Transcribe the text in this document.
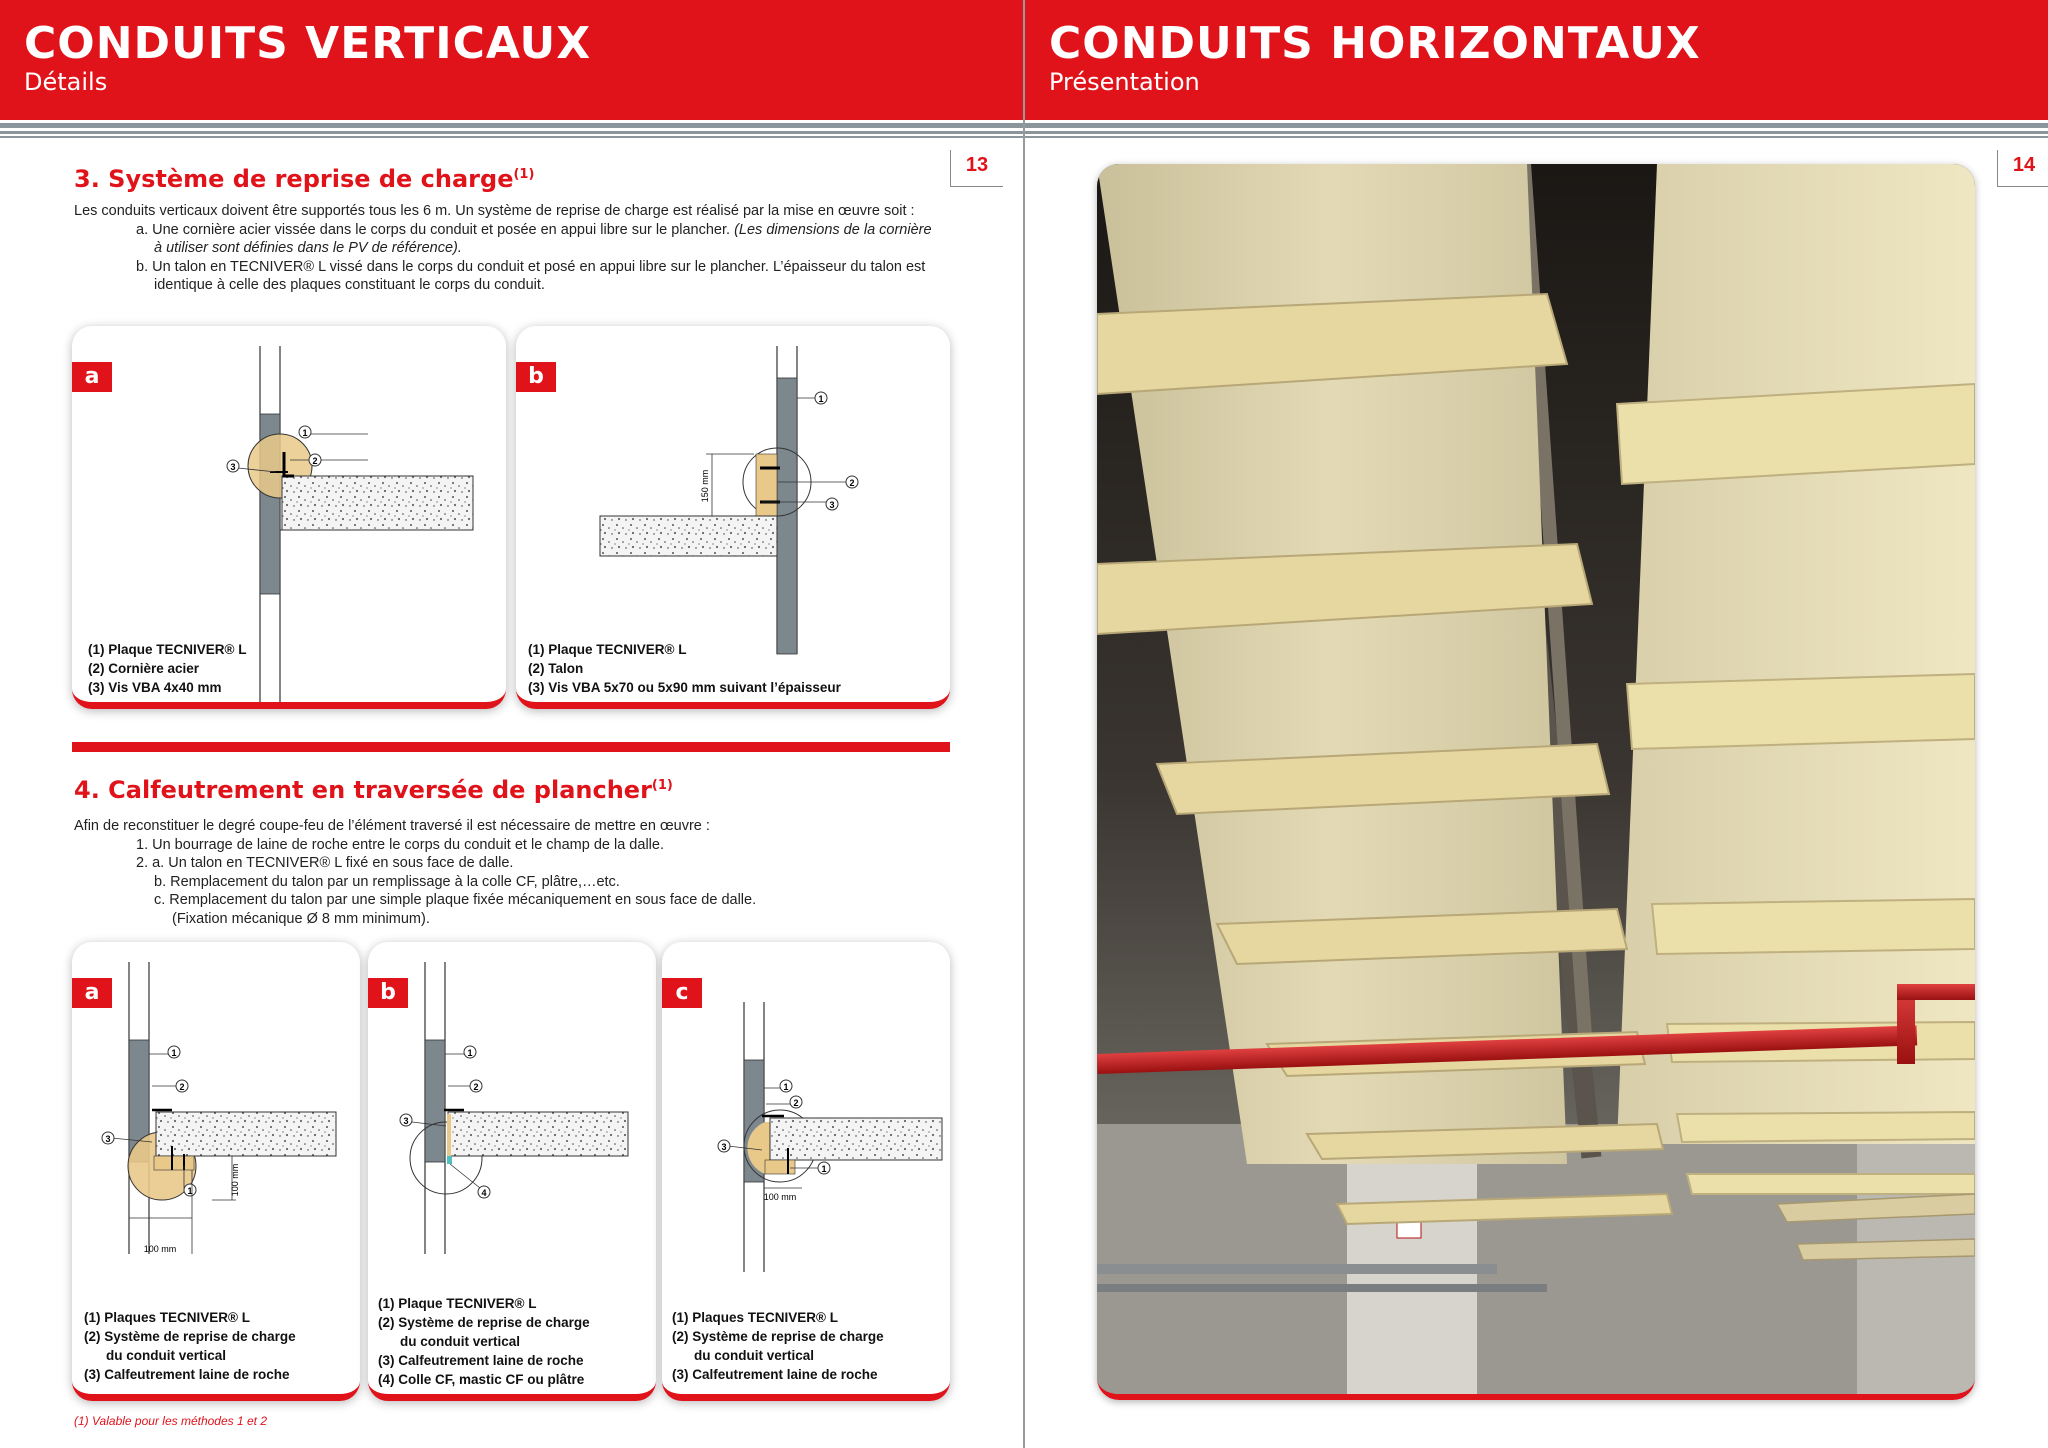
CONDUITS VERTICAUX
Détails
13
3. Système de reprise de charge$^{(1)}$
Les conduits verticaux doivent être supportés tous les 6 m. Un système de reprise de charge est réalisé par la mise en œuvre soit :
a. Une cornière acier vissée dans le corps du conduit et posée en appui libre sur le plancher. (Les dimensions de la cornière
à utiliser sont définies dans le PV de référence).
b. Un talon en TECNIVER® L vissé dans le corps du conduit et posé en appui libre sur le plancher. L’épaisseur du talon est
identique à celle des plaques constituant le corps du conduit.
a
1
2
3
(1) Plaque TECNIVER® L
(2) Cornière acier
(3) Vis VBA 4x40 mm
b
150 mm
1
2
3
(1) Plaque TECNIVER® L
(2) Talon
(3) Vis VBA 5x70 ou 5x90 mm suivant l’épaisseur
4. Calfeutrement en traversée de plancher$^{(1)}$
Afin de reconstituer le degré coupe-feu de l’élément traversé il est nécessaire de mettre en œuvre :
1. Un bourrage de laine de roche entre le corps du conduit et le champ de la dalle.
2. a. Un talon en TECNIVER® L fixé en sous face de dalle.
b. Remplacement du talon par un remplissage à la colle CF, plâtre,…etc.
c. Remplacement du talon par une simple plaque fixée mécaniquement en sous face de dalle.
(Fixation mécanique Ø 8 mm minimum).
a
100 mm
100 mm
1
2
3
1
(1) Plaques TECNIVER® L
(2) Système de reprise de charge
du conduit vertical
(3) Calfeutrement laine de roche
b
1
2
3
4
(1) Plaque TECNIVER® L
(2) Système de reprise de charge
du conduit vertical
(3) Calfeutrement laine de roche
(4) Colle CF, mastic CF ou plâtre
c
100 mm
1
2
3
1
(1) Plaques TECNIVER® L
(2) Système de reprise de charge
du conduit vertical
(3) Calfeutrement laine de roche
(1) Valable pour les méthodes 1 et 2
CONDUITS HORIZONTAUX
Présentation
14
